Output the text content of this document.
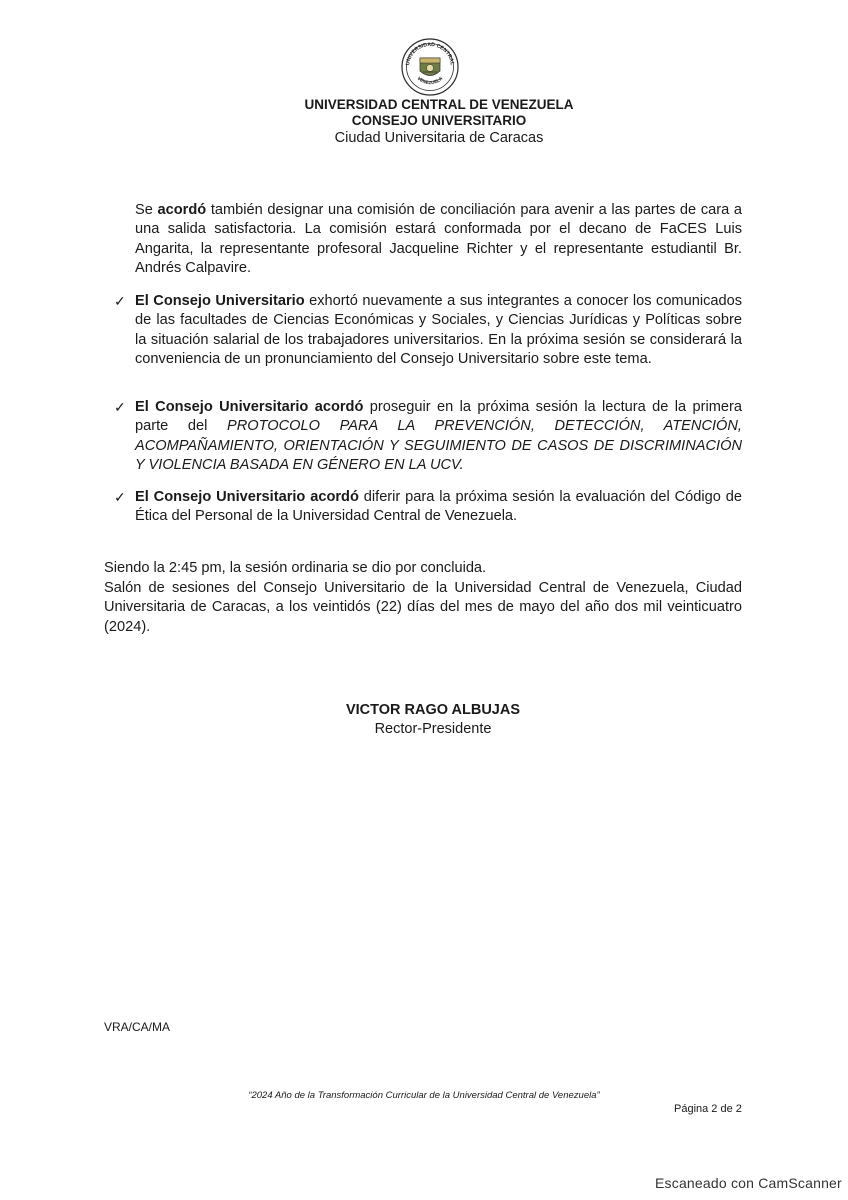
UNIVERSIDAD CENTRAL
VENEZUELA
UNIVERSIDAD CENTRAL DE VENEZUELA
CONSEJO UNIVERSITARIO
Ciudad Universitaria de Caracas
Se acordó también designar una comisión de conciliación para avenir a las partes de cara a una salida satisfactoria. La comisión estará conformada por el decano de FaCES Luis Angarita, la representante profesoral Jacqueline Richter y el representante estudiantil Br. Andrés Calpavire.
✓ El Consejo Universitario exhortó nuevamente a sus integrantes a conocer los comunicados de las facultades de Ciencias Económicas y Sociales, y Ciencias Jurídicas y Políticas sobre la situación salarial de los trabajadores universitarios. En la próxima sesión se considerará la conveniencia de un pronunciamiento del Consejo Universitario sobre este tema.
✓ El Consejo Universitario acordó proseguir en la próxima sesión la lectura de la primera parte del PROTOCOLO PARA LA PREVENCIÓN, DETECCIÓN, ATENCIÓN, ACOMPAÑAMIENTO, ORIENTACIÓN Y SEGUIMIENTO DE CASOS DE DISCRIMINACIÓN Y VIOLENCIA BASADA EN GÉNERO EN LA UCV.
✓ El Consejo Universitario acordó diferir para la próxima sesión la evaluación del Código de Ética del Personal de la Universidad Central de Venezuela.
Siendo la 2:45 pm, la sesión ordinaria se dio por concluida.
Salón de sesiones del Consejo Universitario de la Universidad Central de Venezuela, Ciudad Universitaria de Caracas, a los veintidós (22) días del mes de mayo del año dos mil veinticuatro (2024).
VICTOR RAGO ALBUJAS
Rector-Presidente
VRA/CA/MA
“2024 Año de la Transformación Curricular de la Universidad Central de Venezuela”
Página 2 de 2
Escaneado con CamScanner
